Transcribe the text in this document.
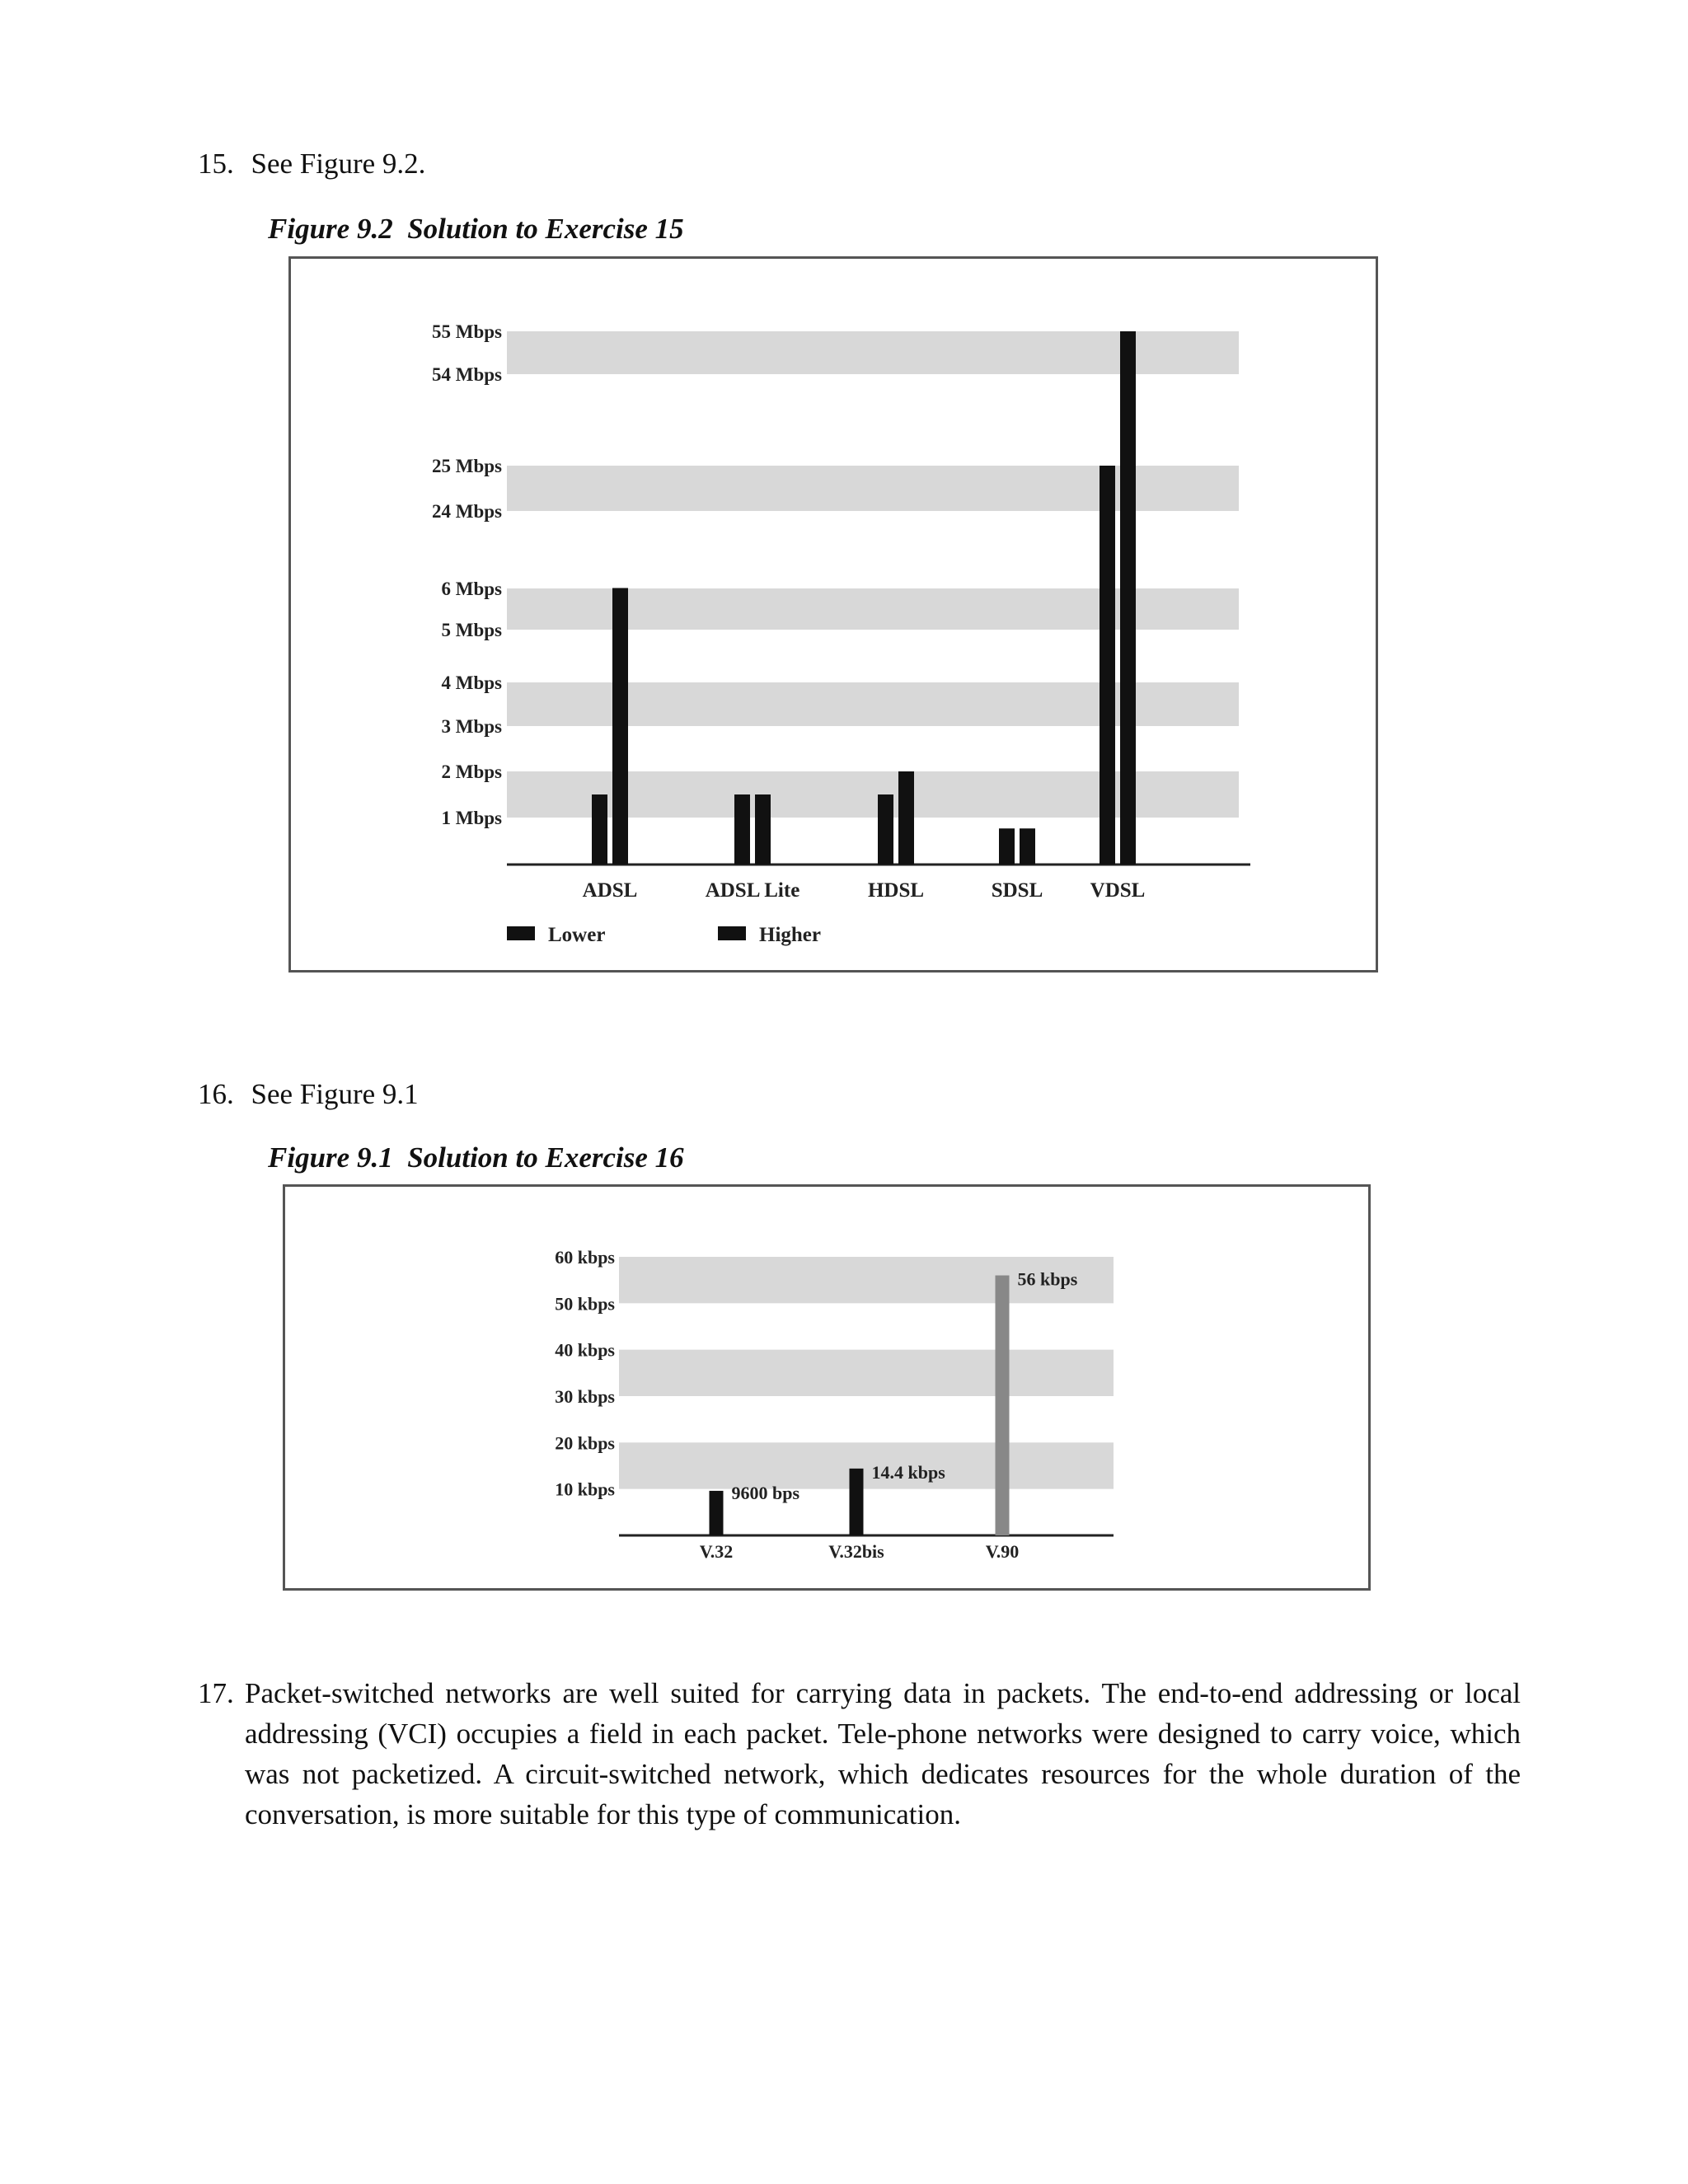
15. See Figure 9.2.
Figure 9.2  Solution to Exercise 15
55 Mbps
54 Mbps
25 Mbps
24 Mbps
6 Mbps
5 Mbps
4 Mbps
3 Mbps
2 Mbps
1 Mbps
ADSL	ADSL Lite	HDSL	SDSL VDSL
Lower	Higher
16. See Figure 9.1
Figure 9.1  Solution to Exercise 16
60 kbps
50 kbps
40 kbps
30 kbps
20 kbps
10 kbps	9600 bps
V.32
14.4 kbps
V.32bis
56 kbps
V.90
17. Packet-switched networks are well suited for carrying data in packets. The end-to-end addressing or local addressing (VCI) occupies a field in each packet. Tele-phone networks were designed to carry voice, which was not packetized. A circuit-switched network, which dedicates resources for the whole duration of the conversation, is more suitable for this type of communication.
